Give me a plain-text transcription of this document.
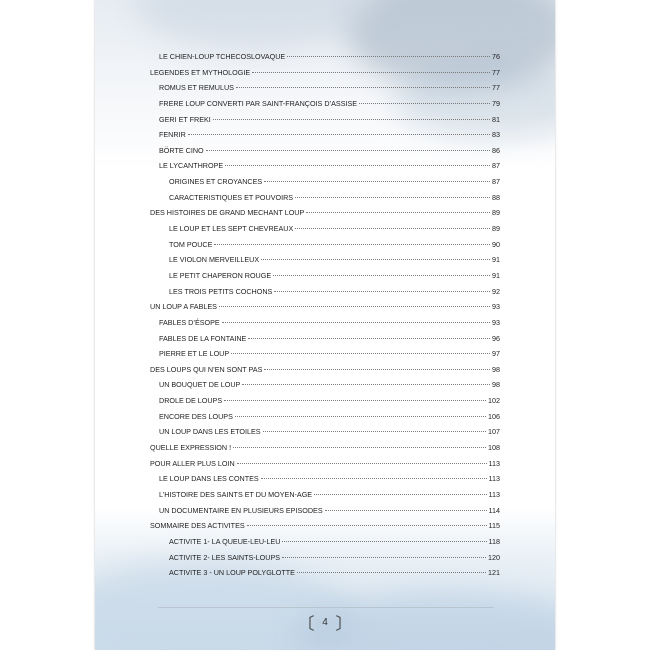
LE CHIEN-LOUP TCHECOSLOVAQUE	76
LEGENDES ET MYTHOLOGIE	77
ROMUS ET REMULUS	77
FRERE LOUP CONVERTI PAR SAINT-FRANÇOIS D’ASSISE	79
GERI ET FREKI	81
FENRIR	83
BÖRTE CINO	86
LE LYCANTHROPE	87
ORIGINES ET CROYANCES	87
CARACTERISTIQUES ET POUVOIRS	88
DES HISTOIRES DE GRAND MECHANT LOUP	89
LE LOUP ET LES SEPT CHEVREAUX	89
TOM POUCE	90
LE VIOLON MERVEILLEUX	91
LE PETIT CHAPERON ROUGE	91
LES TROIS PETITS COCHONS	92
UN LOUP A FABLES	93
FABLES D’ÉSOPE	93
FABLES DE LA FONTAINE	96
PIERRE ET LE LOUP	97
DES LOUPS QUI N’EN SONT PAS	98
UN BOUQUET DE LOUP	98
DROLE DE LOUPS	102
ENCORE DES LOUPS	106
UN LOUP DANS LES ETOILES	107
QUELLE EXPRESSION !	108
POUR ALLER PLUS LOIN	113
LE LOUP DANS LES CONTES	113
L’HISTOIRE DES SAINTS ET DU MOYEN-AGE	113
UN DOCUMENTAIRE EN PLUSIEURS EPISODES	114
SOMMAIRE DES ACTIVITES	115
ACTIVITE 1- LA QUEUE-LEU-LEU	118
ACTIVITE 2- LES SAINTS-LOUPS	120
ACTIVITE 3 - UN LOUP POLYGLOTTE	121
〔 4 〕
